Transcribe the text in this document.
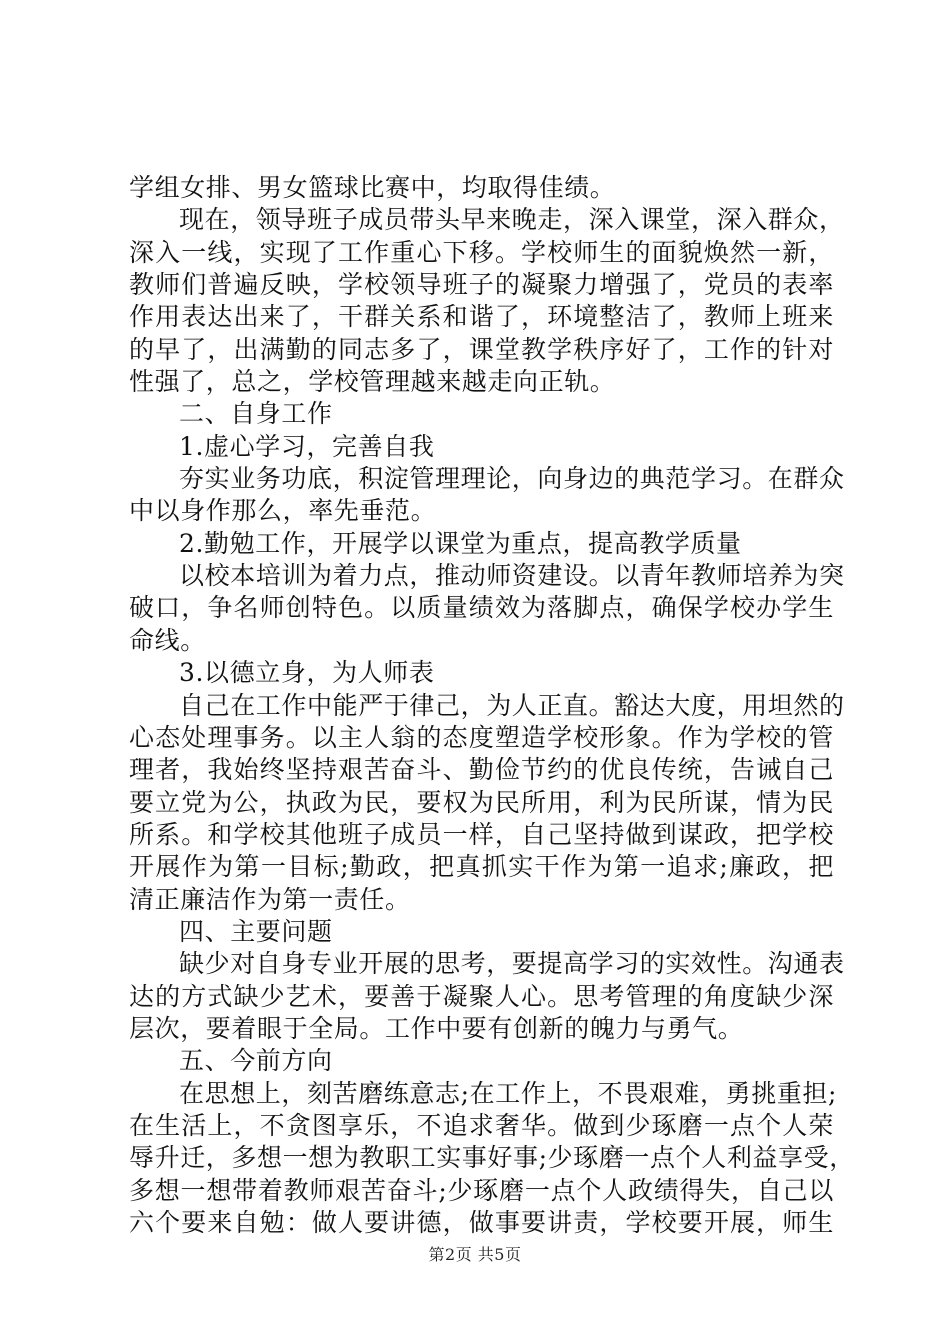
学组女排、男女篮球比赛中，均取得佳绩。
现在，领导班子成员带头早来晚走，深入课堂，深入群众，
深入一线，实现了工作重心下移。学校师生的面貌焕然一新，
教师们普遍反映，学校领导班子的凝聚力增强了，党员的表率
作用表达出来了，干群关系和谐了，环境整洁了，教师上班来
的早了，出满勤的同志多了，课堂教学秩序好了，工作的针对
性强了，总之，学校管理越来越走向正轨。
二、自身工作
1.虚心学习，完善自我
夯实业务功底，积淀管理理论，向身边的典范学习。在群众
中以身作那么，率先垂范。
2.勤勉工作，开展学以课堂为重点，提高教学质量
以校本培训为着力点，推动师资建设。以青年教师培养为突
破口，争名师创特色。以质量绩效为落脚点，确保学校办学生
命线。
3.以德立身，为人师表
自己在工作中能严于律己，为人正直。豁达大度，用坦然的
心态处理事务。以主人翁的态度塑造学校形象。作为学校的管
理者，我始终坚持艰苦奋斗、勤俭节约的优良传统，告诫自己
要立党为公，执政为民，要权为民所用，利为民所谋，情为民
所系。和学校其他班子成员一样，自己坚持做到谋政，把学校
开展作为第一目标;勤政，把真抓实干作为第一追求;廉政，把
清正廉洁作为第一责任。
四、主要问题
缺少对自身专业开展的思考，要提高学习的实效性。沟通表
达的方式缺少艺术，要善于凝聚人心。思考管理的角度缺少深
层次，要着眼于全局。工作中要有创新的魄力与勇气。
五、今前方向
在思想上，刻苦磨练意志;在工作上，不畏艰难，勇挑重担;
在生活上，不贪图享乐，不追求奢华。做到少琢磨一点个人荣
辱升迁，多想一想为教职工实事好事;少琢磨一点个人利益享受，
多想一想带着教师艰苦奋斗;少琢磨一点个人政绩得失，自己以
六个要来自勉：做人要讲德，做事要讲责，学校要开展，师生
第2页 共5页
